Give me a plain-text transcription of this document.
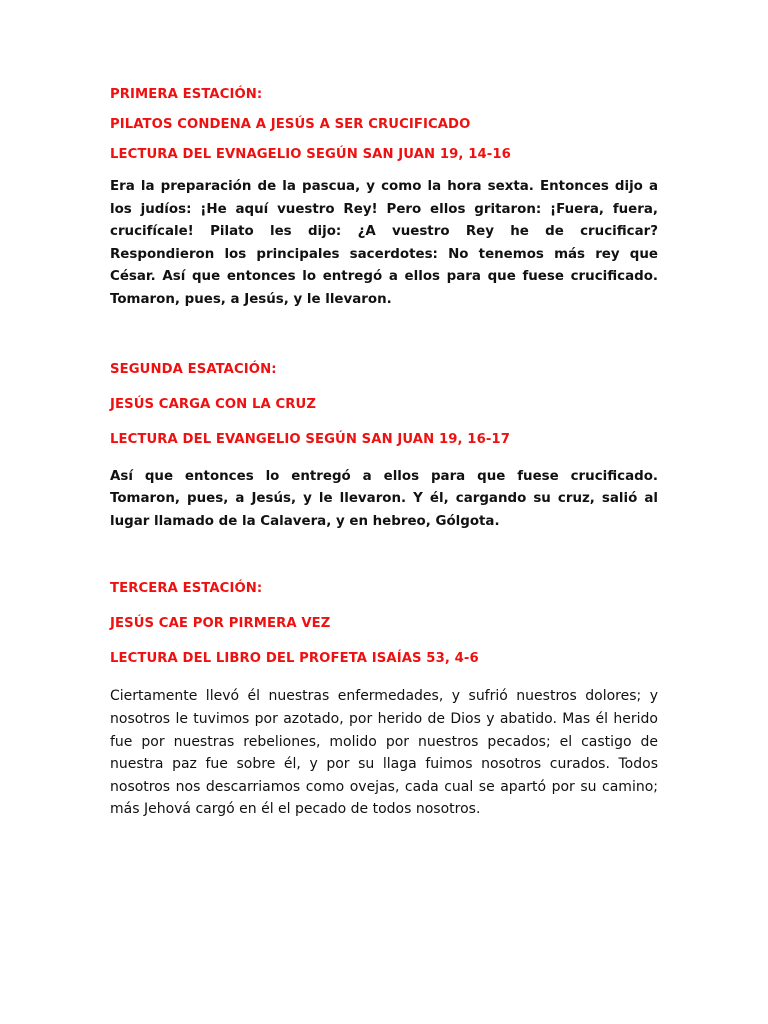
PRIMERA ESTACIÓN:

PILATOS CONDENA A JESÚS A SER CRUCIFICADO

LECTURA DEL EVNAGELIO SEGÚN SAN JUAN 19, 14-16

Era la preparación de la pascua, y como la hora sexta. Entonces dijo a los judíos: ¡He aquí vuestro Rey! Pero ellos gritaron: ¡Fuera, fuera, crucifícale! Pilato les dijo: ¿A vuestro Rey he de crucificar? Respondieron los principales sacerdotes: No tenemos más rey que César. Así que entonces lo entregó a ellos para que fuese crucificado. Tomaron, pues, a Jesús, y le llevaron.

SEGUNDA ESATACIÓN:

JESÚS CARGA CON LA CRUZ

LECTURA DEL EVANGELIO SEGÚN SAN JUAN 19, 16-17

Así que entonces lo entregó a ellos para que fuese crucificado. Tomaron, pues, a Jesús, y le llevaron. Y él, cargando su cruz, salió al lugar llamado de la Calavera, y en hebreo, Gólgota.

TERCERA ESTACIÓN:

JESÚS CAE POR PIRMERA VEZ

LECTURA DEL LIBRO DEL PROFETA ISAÍAS 53, 4-6

Ciertamente llevó él nuestras enfermedades, y sufrió nuestros dolores; y nosotros le tuvimos por azotado, por herido de Dios y abatido. Mas él herido fue por nuestras rebeliones, molido por nuestros pecados; el castigo de nuestra paz fue sobre él, y por su llaga fuimos nosotros curados. Todos nosotros nos descarriamos como ovejas, cada cual se apartó por su camino; más Jehová cargó en él el pecado de todos nosotros.
